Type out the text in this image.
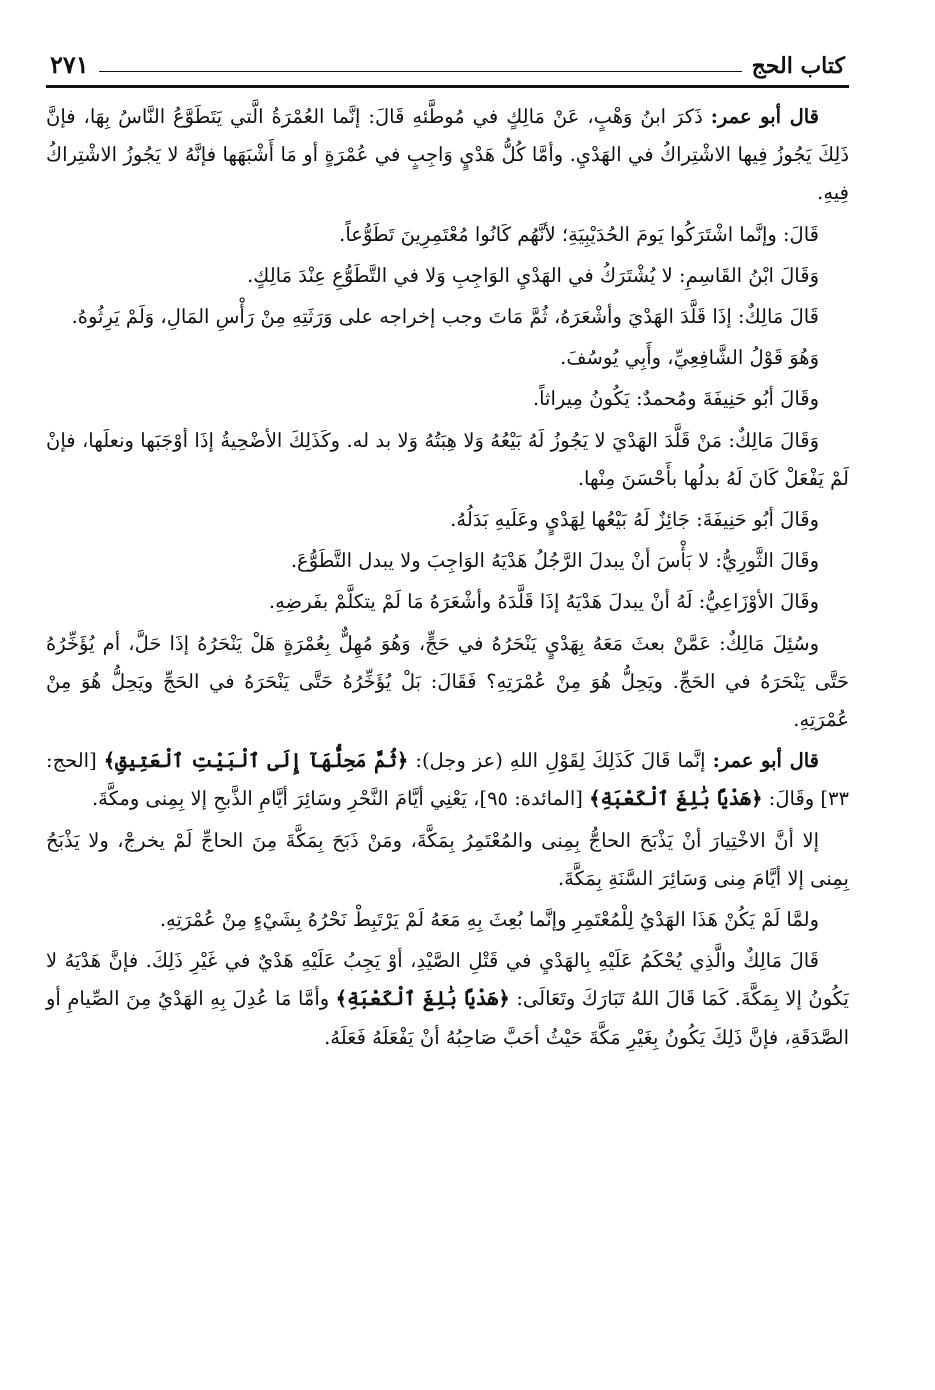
كتاب الحج
٢٧١

قال أبو عمر: ذَكرَ ابنُ وَهْبٍ، عَنْ مَالِكٍ في مُوطَّئهِ قَالَ: إنَّما العُمْرَةُ الَّتي يَتَطَوَّعُ النَّاسُ بِهَا، فإنَّ ذَلِكَ يَجُوزُ فِيها الاشْتِراكُ في الهَدْيِ. وأمَّا كُلُّ هَدْيٍ وَاجِبٍ في عُمْرَةٍ أو مَا أَشْبَهَها فإنَّهُ لا يَجُوزُ الاشْتِراكُ فِيهِ.

قَالَ: وإنَّما اشْتَرَكُوا يَومَ الحُدَيْبِيَةِ؛ لأنَّهُم كَانُوا مُعْتَمِرِينَ تَطَوُّعاً.

وَقَالَ ابْنُ القَاسِمِ: لا يُشْتَرَكُ في الهَدْيِ الوَاجِبِ وَلا في التَّطَوُّعِ عِنْدَ مَالِكٍ.

قَالَ مَالِكٌ: إذَا قَلَّدَ الهَدْيَ وأشْعَرَهُ، ثُمَّ مَاتَ وجب إخراجه على وَرَثَتِهِ مِنْ رَأْسِ المَالِ، وَلَمْ يَرِثُوهُ.

وَهُوَ قَوْلُ الشَّافِعِيِّ، وأَبِي يُوسُفَ.

وقَالَ أبُو حَنِيفَةَ ومُحمدٌ: يَكُونُ مِيراثاً.

وَقَالَ مَالِكٌ: مَنْ قَلَّدَ الهَدْيَ لا يَجُوزُ لَهُ بَيْعُهُ وَلا هِبَتُهُ وَلا بد له. وكَذَلِكَ الأضْحِيةُ إذَا أوْجَبَها ونعلَها، فإنْ لَمْ يَفْعَلْ كَانَ لَهُ بدلُها بأَحْسَنَ مِنْها.

وقَالَ أبُو حَنِيفَةَ: جَائِزٌ لَهُ بَيْعُها لِهَدْيٍ وعَلَيهِ بَدَلُهُ.

وقَالَ الثَّورِيُّ: لا بَأْسَ أنْ يبدلَ الرَّجُلُ هَدْيَهُ الوَاجِبَ ولا يبدل التَّطَوُّعَ.

وقَالَ الأوْزَاعِيُّ: لَهُ أنْ يبدلَ هَدْيَهُ إذَا قَلَّدَهُ وأشْعَرَهُ مَا لَمْ يتكلَّمْ بفَرضِهِ.

وسُئِلَ مَالِكٌ: عَمَّنْ بعثَ مَعَهُ بِهَدْيٍ يَنْحَرُهُ في حَجٍّ، وَهُوَ مُهِلٌّ بِعُمْرَةٍ هَلْ يَنْحَرُهُ إذَا حَلَّ، أم يُؤَخِّرُهُ حَتَّى يَنْحَرَهُ في الحَجِّ. ويَحِلُّ هُوَ مِنْ عُمْرَتِهِ؟ فَقَالَ: بَلْ يُؤَخِّرُهُ حَتَّى يَنْحَرَهُ في الحَجِّ ويَحِلُّ هُوَ مِنْ عُمْرَتِهِ.

قال أبو عمر: إنَّما قَالَ كَذَلِكَ لِقَوْلِ اللهِ (عز وجل): ﴿ثُمَّ مَحِلُّهَآ إِلَى ٱلْبَيْتِ ٱلْعَتِيقِ﴾ [الحج: ٣٣] وقَالَ: ﴿هَدْيًا بَٰلِغَ ٱلْكَعْبَةِ﴾ [المائدة: ٩٥]، يَعْنِي أيَّامَ النَّحْرِ وسَائِرَ أيَّامِ الذَّبحِ إلا بِمِنى ومكَّةَ.

إلا أنَّ الاخْتِيارَ أنْ يَذْبَحَ الحاجُّ بِمِنى والمُعْتَمِرُ بِمَكَّةَ، ومَنْ ذَبَحَ بِمَكَّةَ مِنَ الحاجِّ لَمْ يخرجْ، ولا يَذْبَحُ بِمِنى إلا أيَّامَ مِنى وَسَائِرَ السَّنَةِ بِمَكَّةَ.

ولمَّا لَمْ يَكُنْ هَذَا الهَدْيُ لِلْمُعْتَمِرِ وإنَّما بُعِثَ بِهِ مَعَهُ لَمْ يَرْتَبِطْ نَحْرُهُ بِشَيْءٍ مِنْ عُمْرَتِهِ.

قَالَ مَالِكٌ والَّذِي يُحْكَمُ عَلَيْهِ بِالهَدْيِ في قَتْلِ الصَّيْدِ، أوْ يَجِبُ عَلَيْهِ هَدْيٌ في غَيْرِ ذَلِكَ. فإنَّ هَدْيَهُ لا يَكُونُ إلا بِمَكَّةَ. كَمَا قَالَ اللهُ تَبَارَكَ وتَعَالَى: ﴿هَدْيًا بَٰلِغَ ٱلْكَعْبَةِ﴾ وأمَّا مَا عُدِلَ بِهِ الهَدْيُ مِنَ الصِّيامِ أو الصَّدَقَةِ، فإنَّ ذَلِكَ يَكُونُ بِغَيْرِ مَكَّةَ حَيْثُ أحَبَّ صَاحِبُهُ أنْ يَفْعَلَهُ فَعَلَهُ.
